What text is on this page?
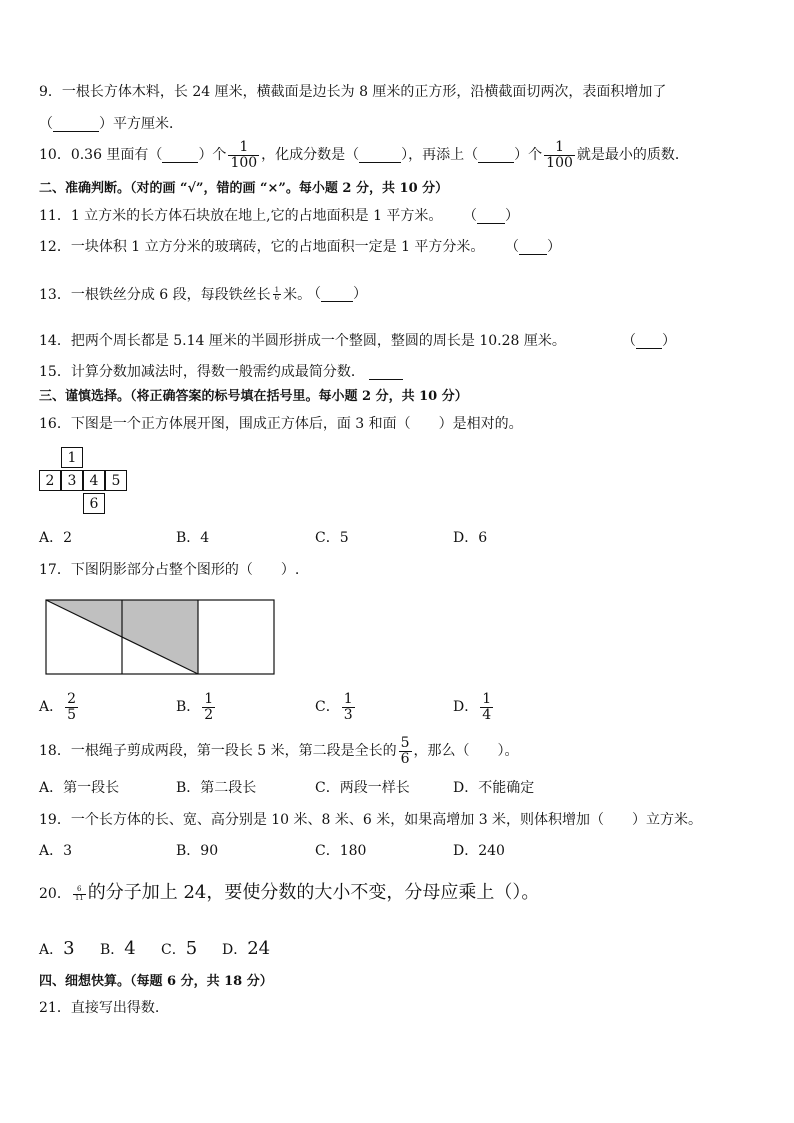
9．一根长方体木料，长 24 厘米，横截面是边长为 8 厘米的正方形，沿横截面切两次，表面积增加了
（	）平方厘米．
10．0.36 里面有（	）个 $\frac{1}{100}$ ，化成分数是（	），再添上（	）个 $\frac{1}{100}$ 就是最小的质数．
二、准确判断。（对的画 “√”，错的画 “×”。每小题 2 分，共 10 分）
11．1 立方米的长方体石块放在地上,它的占地面积是 1 平方米。 （ ）
12．一块体积 1 立方分米的玻璃砖，它的占地面积一定是 1 平方分米。 （ ）
13．一根铁丝分成 6 段，每段铁丝长 $\frac{1}{6}$ 米。
（ ）
14．把两个周长都是 5.14 厘米的半圆形拼成一个整圆，整圆的周长是 10.28 厘米。	（ ）
15．计算分数加减法时，得数一般需约成最简分数．
三、谨慎选择。（将正确答案的标号填在括号里。每小题 2 分，共 10 分）
16．下图是一个正方体展开图，围成正方体后，面 3 和面（　　）是相对的。
1
2 3 4 5
6
A．2	B．4	C．5	D．6
17．下图阴影部分占整个图形的（　　）.
A． $\frac{2}{5}$	B． $\frac{1}{2}$	C． $\frac{1}{3}$	D． $\frac{1}{4}$
18．一根绳子剪成两段，第一段长 5 米，第二段是全长的 $\frac{5}{6}$ ，那么（　　）。
A．第一段长	B．第二段长	C．两段一样长	D．不能确定
19．一个长方体的长、宽、高分别是 10 米、8 米、6 米，如果高增加 3 米，则体积增加（　　）立方米。
A．3	B．90	C．180	D．240
20． $\frac{6}{11}$ 的分子加上 24，要使分数的大小不变，分母应乘上（）。
A．3 B．4 C．5 D．24
四、细想快算。（每题 6 分，共 18 分）
21．直接写出得数.
